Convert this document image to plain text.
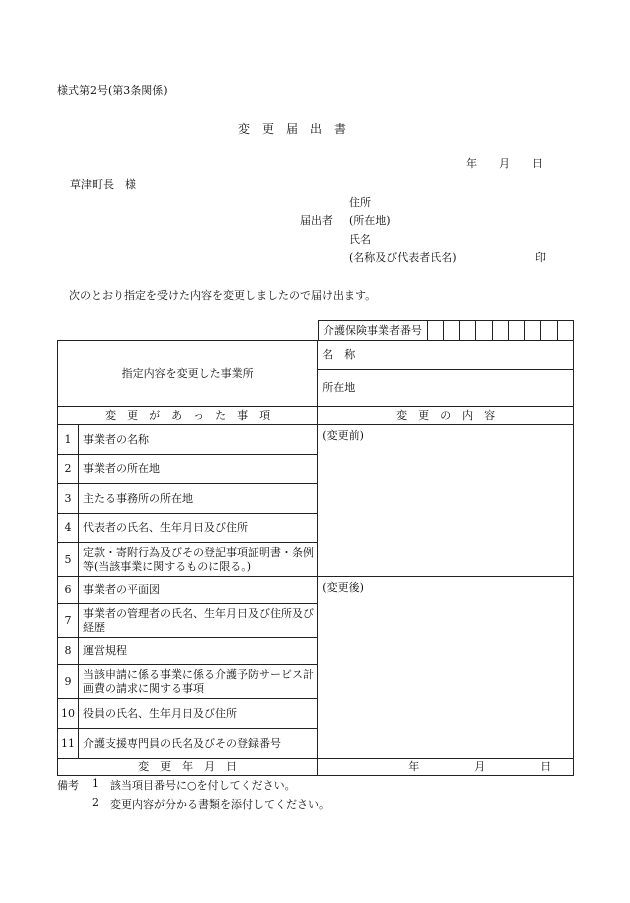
様式第2号(第3条関係)
変　更　届　出　書
年　　月　　日
草津町長　様
住所
届出者 (所在地)
氏名
(名称及び代表者氏名)	印
次のとおり指定を受けた内容を変更しましたので届け出ます。
介護保険事業者番号									
指定内容を変更した事業所		名　称
		所在地
変　更　が　あ　っ　た　事　項		変　更　の　内　容
1	事業者の名称	(変更前)
2	事業者の所在地	
3	主たる事務所の所在地	
4	代表者の氏名、生年月日及び住所	
5	定款・寄附行為及びその登記事項証明書・条例等(当該事業に関するものに限る。)	
6	事業者の平面図	(変更後)
7	事業者の管理者の氏名、生年月日及び住所及び経歴	
8	運営規程	
9	当該申請に係る事業に係る介護予防サービス計画費の請求に関する事項	
10	役員の氏名、生年月日及び住所	
11	介護支援専門員の氏名及びその登録番号	
変　更　年　月　日		年　　　　　月　　　　　日
備考 1 該当項目番号に○を付してください。
2 変更内容が分かる書類を添付してください。
